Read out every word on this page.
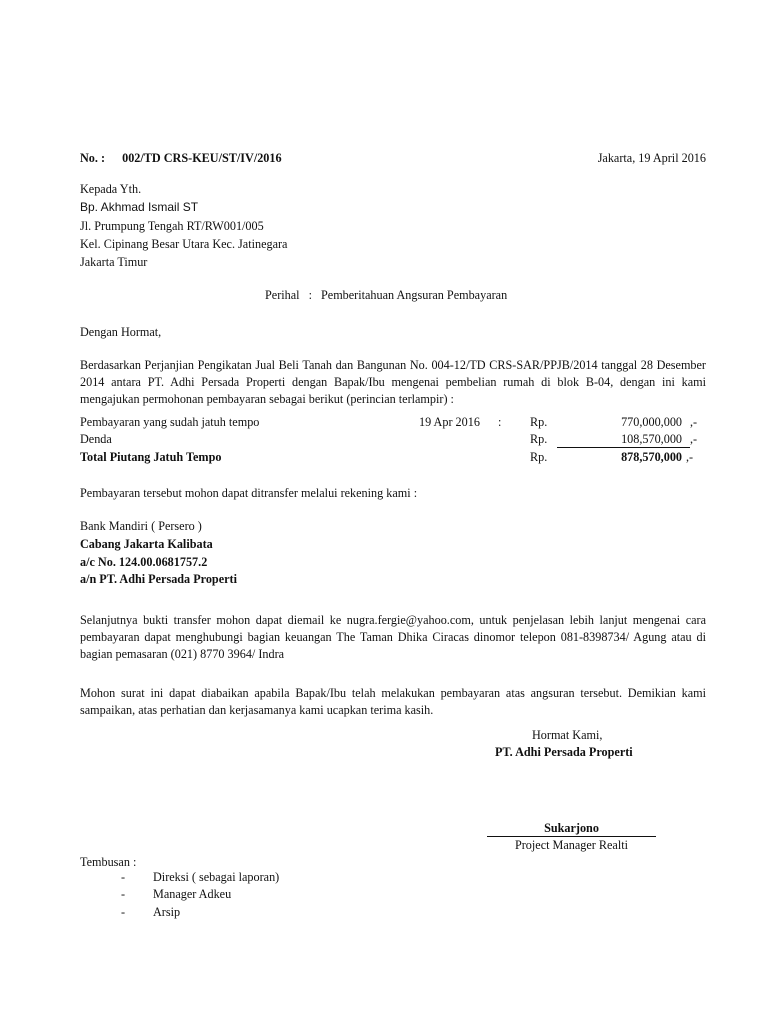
No. : 002/TD CRS-KEU/ST/IV/2016	Jakarta, 19 April 2016
Kepada Yth.
Bp. Akhmad Ismail ST
Jl. Prumpung Tengah RT/RW001/005
Kel. Cipinang Besar Utara Kec. Jatinegara
Jakarta Timur
Perihal : Pemberitahuan Angsuran Pembayaran
Dengan Hormat,
Berdasarkan Perjanjian Pengikatan Jual Beli Tanah dan Bangunan No. 004-12/TD CRS-SAR/PPJB/2014 tanggal 28 Desember 2014 antara PT. Adhi Persada Properti dengan Bapak/Ibu mengenai pembelian rumah di blok B-04, dengan ini kami mengajukan permohonan pembayaran sebagai berikut (perincian terlampir) :
Pembayaran yang sudah jatuh tempo	19 Apr 2016 : Rp.	770,000,000 ,-
Denda	Rp.	108,570,000 ,-
Total Piutang Jatuh Tempo	Rp.	878,570,000 ,-
Pembayaran tersebut mohon dapat ditransfer melalui rekening kami :
Bank Mandiri ( Persero )
Cabang Jakarta Kalibata
a/c No. 124.00.0681757.2
a/n PT. Adhi Persada Properti
Selanjutnya bukti transfer mohon dapat diemail ke nugra.fergie@yahoo.com, untuk penjelasan lebih lanjut mengenai cara pembayaran dapat menghubungi bagian keuangan The Taman Dhika Ciracas dinomor telepon 081-8398734/ Agung atau di bagian pemasaran (021) 8770 3964/ Indra
Mohon surat ini dapat diabaikan apabila Bapak/Ibu telah melakukan pembayaran atas angsuran tersebut. Demikian kami sampaikan, atas perhatian dan kerjasamanya kami ucapkan terima kasih.
Hormat Kami,
PT. Adhi Persada Properti
Sukarjono
Project Manager Realti
Tembusan :
- Direksi ( sebagai laporan)
- Manager Adkeu
- Arsip
